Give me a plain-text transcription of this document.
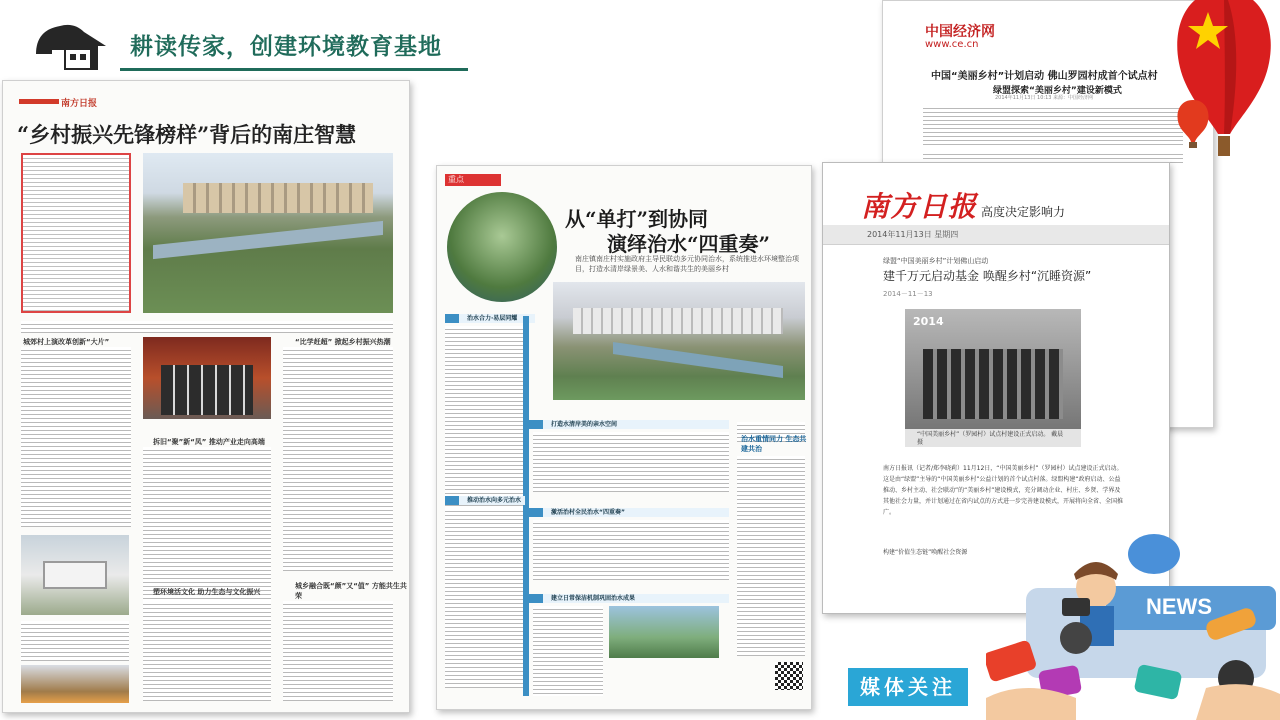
耕读传家，创建环境教育基地
南方日报
“乡村振兴先锋榜样”背后的南庄智慧
城郊村上演改革创新“大片”	“比学赶超” 掀起乡村振兴热潮
拆旧“聚”新“凤” 推动产业走向高端
城乡融合既“颜”又“值” 方能共生共荣
塑环境活文化 助力生态与文化振兴
重点
从“单打”到协同
演绎治水“四重奏”
南庄镇南庄村实施政府主导民联动多元协同治水，系统推进水环境整治项目，打造水清岸绿景美、人水和谐共生的美丽乡村
治水合力·易层同耀
打造水清岸美的亲水空间
治水重情同力 生态共建共治
推动治水向多元治水
激活治村全民治水“四重奏”
建立日常保洁机制巩固治水成果
中国经济网
www.ce.cn
中国“美丽乡村”计划启动 佛山罗园村成首个试点村
绿盟探索“美丽乡村”建设新模式
2014年11月13日 10:13 来源：中国经济网
南方日报 高度决定影响力
2014年11月13日 星期四
绿盟“中国美丽乡村”计划佛山启动
建千万元启动基金 唤醒乡村“沉睡资源”
2014－11－13
2014
“中国美丽乡村”（罗园村）试点村建设正式启动。 戴晨 摄
南方日报讯（记者/郑李晓莉）11月12日，“中国美丽乡村”（罗园村）试点建设正式启动。这是由“绿盟”主导的“中国美丽乡村”公益计划的首个试点村落。绿盟构建“政府启动、公益推动、乡村主动、社会联动”的“美丽乡村”建设模式，充分调动企业、村庄、乡贤、学界及其他社会力量，并计划通过在省内试点的方式进一步完善建设模式，开展将向全省、全国推广。
构建“价值生态链”唤醒社会资源
NEWS
媒体关注
